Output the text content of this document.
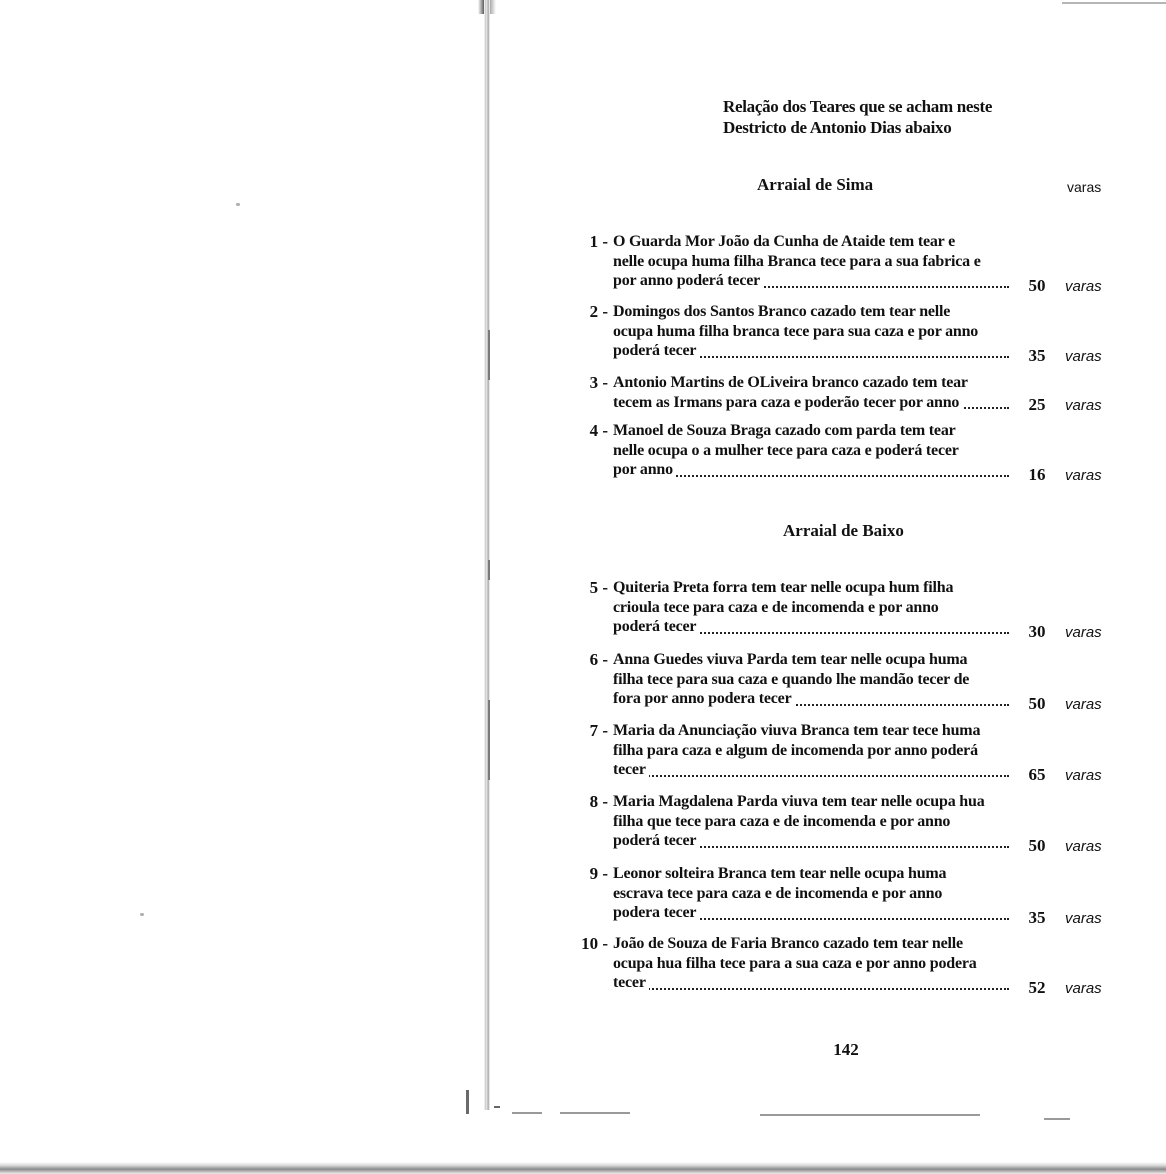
Relação dos Teares que se acham neste
Destricto de Antonio Dias abaixo
Arraial de Sima	varas
1 - O Guarda Mor João da Cunha de Ataide tem tear e
nelle ocupa huma filha Branca tece para a sua fabrica e
por anno poderá tecer	50	varas
2 - Domingos dos Santos Branco cazado tem tear nelle
ocupa huma filha branca tece para sua caza e por anno
poderá tecer	35	varas
3 - Antonio Martins de OLiveira branco cazado tem tear
tecem as Irmans para caza e poderão tecer por anno	25	varas
4 - Manoel de Souza Braga cazado com parda tem tear
nelle ocupa o a mulher tece para caza e poderá tecer
por anno	16	varas
Arraial de Baixo
5 - Quiteria Preta forra tem tear nelle ocupa hum filha
crioula tece para caza e de incomenda e por anno
poderá tecer	30	varas
6 - Anna Guedes viuva Parda tem tear nelle ocupa huma
filha tece para sua caza e quando lhe mandão tecer de
fora por anno podera tecer	50	varas
7 - Maria da Anunciação viuva Branca tem tear tece huma
filha para caza e algum de incomenda por anno poderá
tecer	65	varas
8 - Maria Magdalena Parda viuva tem tear nelle ocupa hua
filha que tece para caza e de incomenda e por anno
poderá tecer	50	varas
9 - Leonor solteira Branca tem tear nelle ocupa huma
escrava tece para caza e de incomenda e por anno
podera tecer	35	varas
10 - João de Souza de Faria Branco cazado tem tear nelle
ocupa hua filha tece para a sua caza e por anno podera
tecer	52	varas
142
